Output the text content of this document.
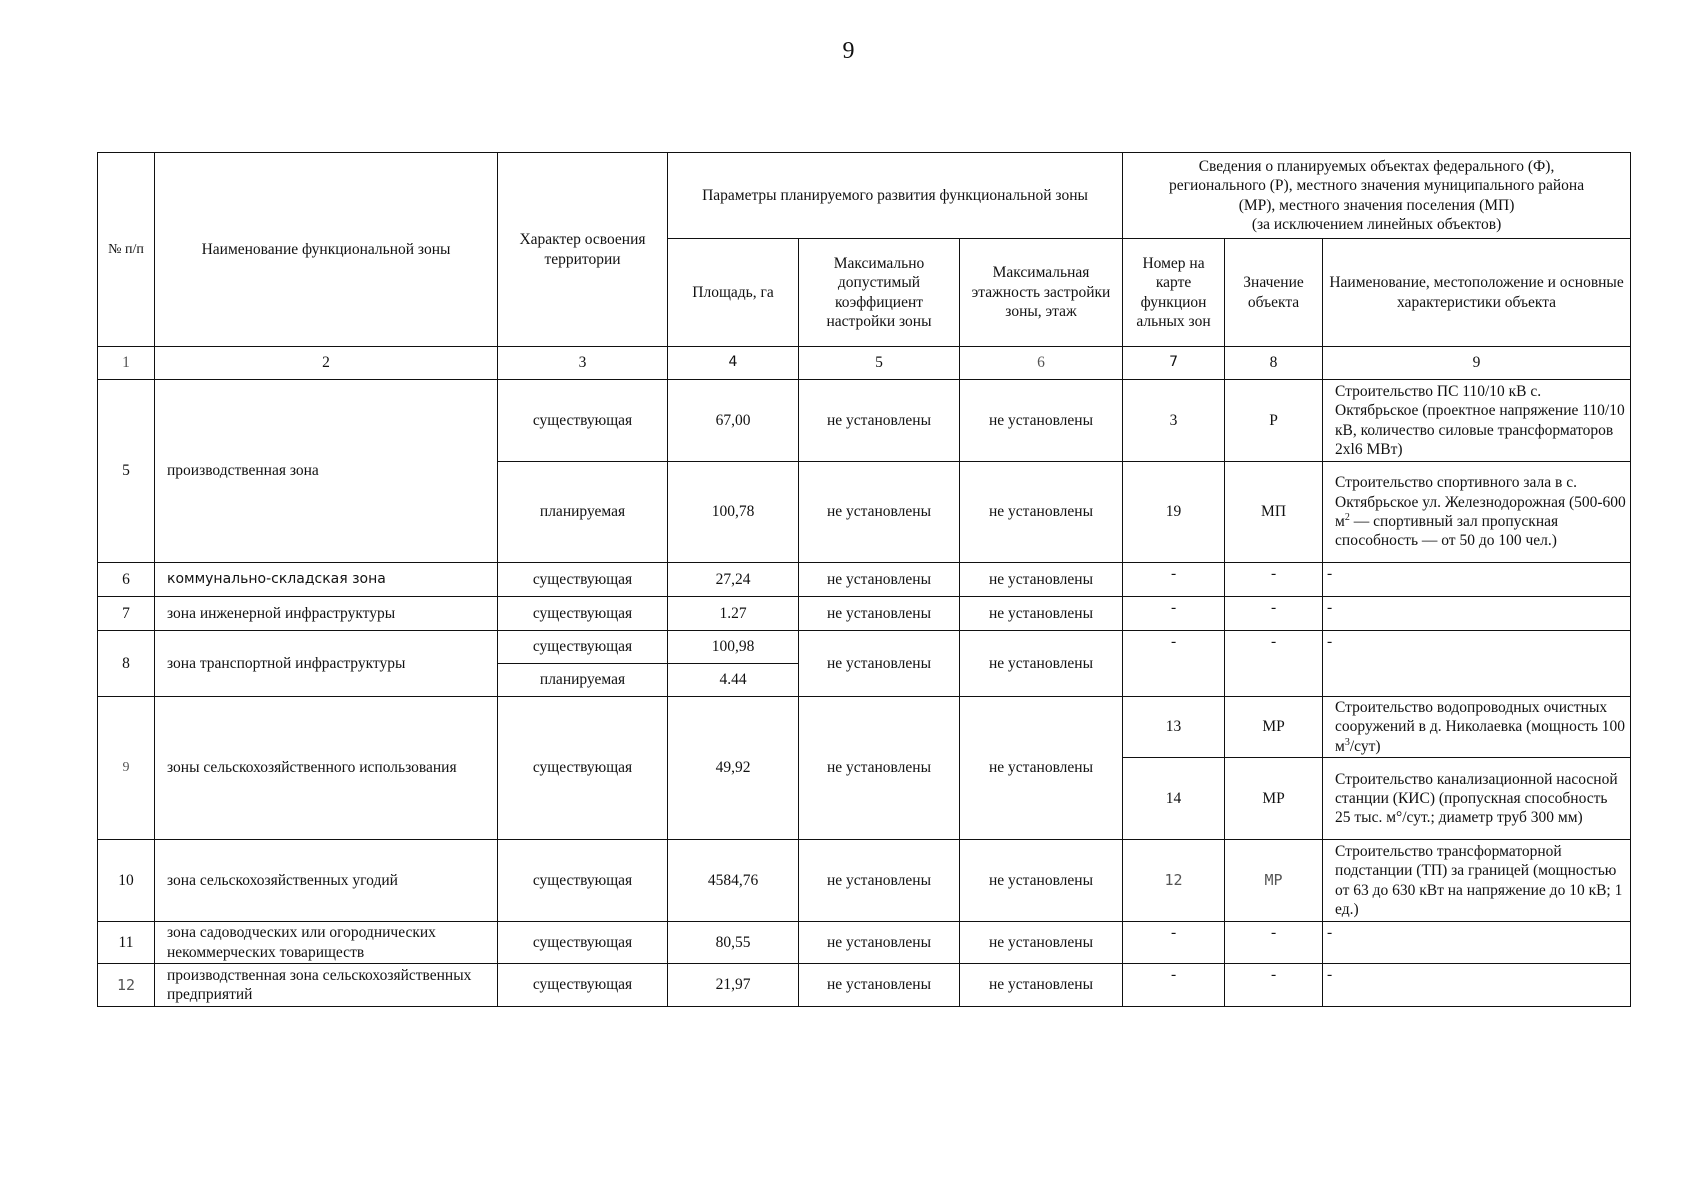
9
№ п/п	Наименование функциональной зоны	Характер освоения территории	Параметры планируемого развития функциональной зоны			Сведения о планируемых объектах федерального (Ф),
регионального (Р), местного значения муниципального района
(МР), местного значения поселения (МП)
(за исключением линейных объектов)		
			Площадь, га	Максимально допустимый коэффициент настройки зоны	Максимальная этажность застройки зоны, этаж	Номер на карте функцион альных зон	Значение объекта	Наименование, местоположение и основные характеристики объекта
1	2	3	4	5	6	7	8	9
5	производственная зона	существующая	67,00	не установлены	не установлены	3	Р	Строительство ПС 110/10 кВ с. Октябрьское (проектное напряжение 110/10 кВ, количество силовые трансформаторов 2xl6 МВт)
		планируемая	100,78	не установлены	не установлены	19	МП	Строительство спортивного зала в с. Октябрьское ул. Железнодорожная (500-600 $м^2$ — спортивный зал пропускная способность — от 50 до 100 чел.)
6	коммунально-складская зона	существующая	27,24	не установлены	не установлены	-	-	-
7	зона инженерной инфраструктуры	существующая	1.27	не установлены	не установлены	-	-	-
8	зона транспортной инфраструктуры	существующая	100,98	не установлены	не установлены	-	-	-
		планируемая	4.44					
9	зоны сельскохозяйственного использования	существующая	49,92	не установлены	не установлены	13	МР	Строительство водопроводных очистных сооружений в д. Николаевка (мощность 100 $м^3/сут$)
						14	МР	Строительство канализационной насосной станции (КИС) (пропускная способность 25 тыс. м°/сут.; диаметр труб 300 мм)
10	зона сельскохозяйственных угодий	существующая	4584,76	не установлены	не установлены	12	МР	Строительство трансформаторной подстанции (ТП) за границей (мощностью от 63 до 630 кВт на напряжение до 10 кВ; 1 ед.)
11	зона садоводческих или огороднических некоммерческих товариществ	существующая	80,55	не установлены	не установлены	-	-	-
12	производственная зона сельскохозяйственных предприятий	существующая	21,97	не установлены	не установлены	-	-	-
